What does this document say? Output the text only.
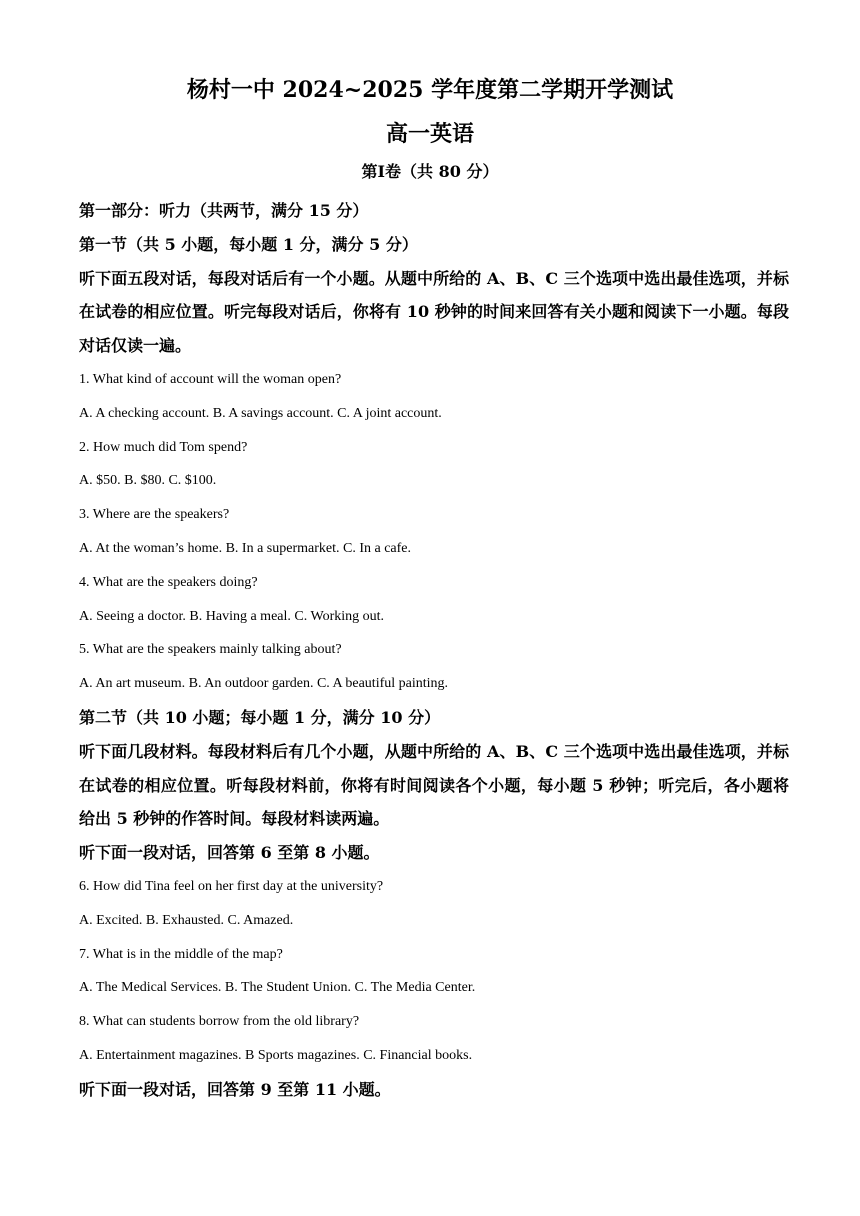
杨村一中 2024~2025 学年度第二学期开学测试
高一英语
第Ⅰ卷（共 80 分）

第一部分：听力（共两节，满分 15 分）

第一节（共 5 小题，每小题 1 分，满分 5 分）

听下面五段对话，每段对话后有一个小题。从题中所给的 A、B、C 三个选项中选出最佳选项，并标在试卷的相应位置。听完每段对话后，你将有 10 秒钟的时间来回答有关小题和阅读下一小题。每段对话仅读一遍。

1. What kind of account will the woman open?

A. A checking account. B. A savings account. C. A joint account.

2. How much did Tom spend?

A. $50. B. $80. C. $100.

3. Where are the speakers?

A. At the woman’s home. B. In a supermarket. C. In a cafe.

4. What are the speakers doing?

A. Seeing a doctor. B. Having a meal. C. Working out.

5. What are the speakers mainly talking about?

A. An art museum. B. An outdoor garden. C. A beautiful painting.

第二节（共 10 小题；每小题 1 分，满分 10 分）

听下面几段材料。每段材料后有几个小题，从题中所给的 A、B、C 三个选项中选出最佳选项，并标在试卷的相应位置。听每段材料前，你将有时间阅读各个小题，每小题 5 秒钟；听完后，各小题将给出 5 秒钟的作答时间。每段材料读两遍。

听下面一段对话，回答第 6 至第 8 小题。

6. How did Tina feel on her first day at the university?

A. Excited. B. Exhausted. C. Amazed.

7. What is in the middle of the map?

A. The Medical Services. B. The Student Union. C. The Media Center.

8. What can students borrow from the old library?

A. Entertainment magazines. B Sports magazines. C. Financial books.

听下面一段对话，回答第 9 至第 11 小题。
